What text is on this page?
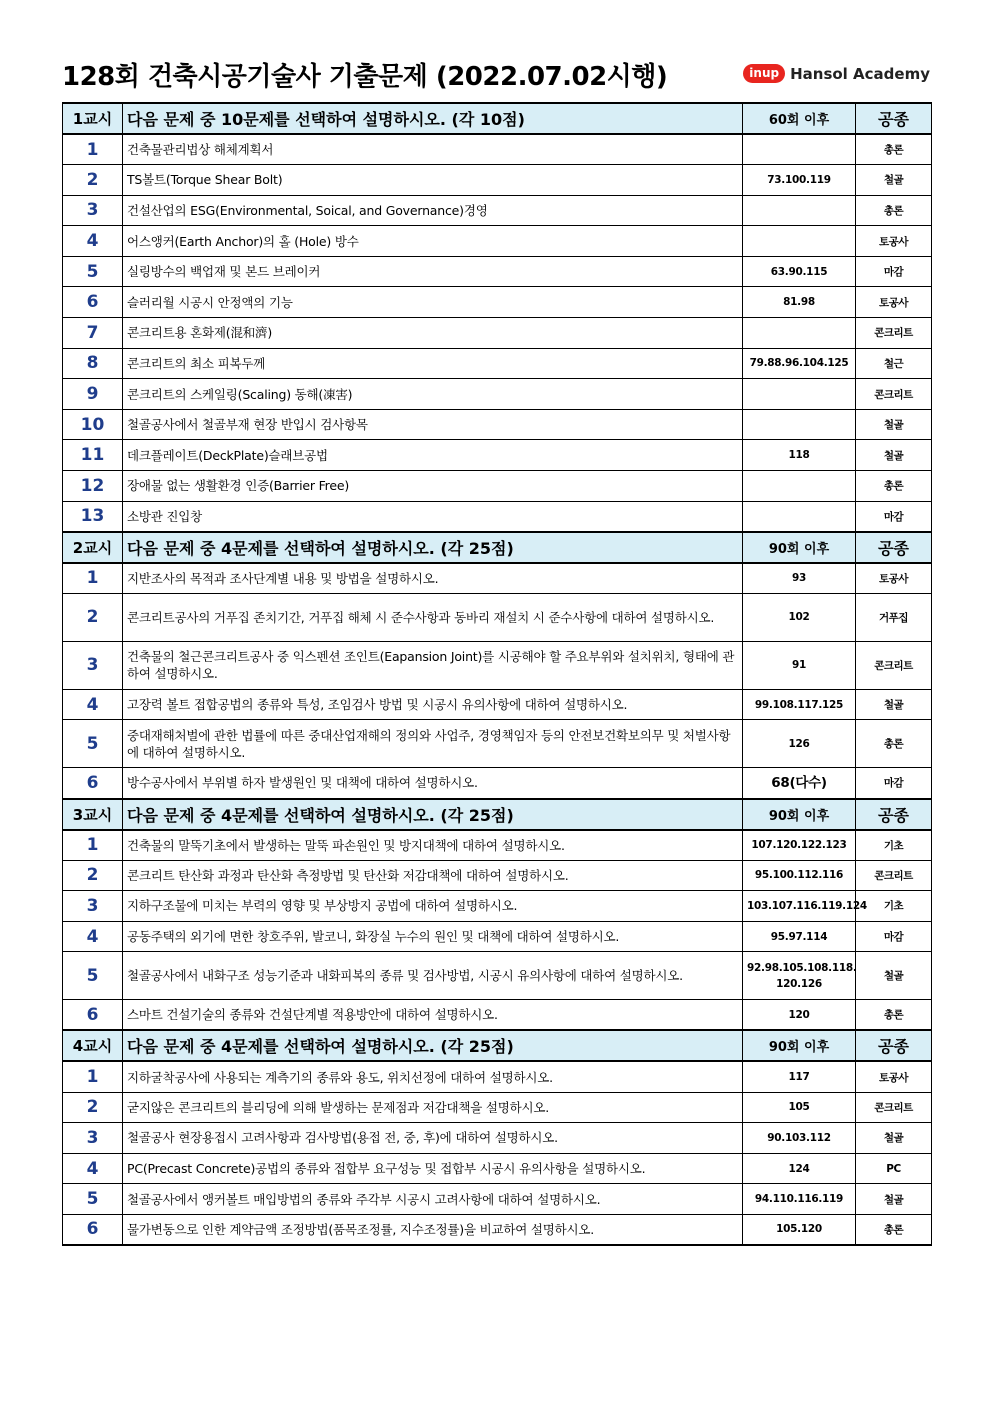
128회 건축시공기술사 기출문제 (2022.07.02시행)	inup Hansol Academy
1교시	다음 문제 중 10문제를 선택하여 설명하시오. (각 10점)	60회 이후	공종
1	건축물관리법상 해체계획서		총론
2	TS볼트(Torque Shear Bolt)	73.100.119	철골
3	건설산업의 ESG(Environmental, Soical, and Governance)경영		총론
4	어스앵커(Earth Anchor)의 홀 (Hole) 방수		토공사
5	실링방수의 백업재 및 본드 브레이커	63.90.115	마감
6	슬러리월 시공시 안정액의 기능	81.98	토공사
7	콘크리트용 혼화제(混和濟)		콘크리트
8	콘크리트의 최소 피복두께	79.88.96.104.125	철근
9	콘크리트의 스케일링(Scaling) 동해(凍害)		콘크리트
10	철골공사에서 철골부재 현장 반입시 검사항목		철골
11	데크플레이트(DeckPlate)슬래브공법	118	철골
12	장애물 없는 생활환경 인증(Barrier Free)		총론
13	소방관 진입창		마감
2교시	다음 문제 중 4문제를 선택하여 설명하시오. (각 25점)	90회 이후	공종
1	지반조사의 목적과 조사단계별 내용 및 방법을 설명하시오.	93	토공사
2	콘크리트공사의 거푸집 존치기간, 거푸집 해체 시 준수사항과 동바리 재설치 시 준수사항에 대하여 설명하시오.	102	거푸집
3	건축물의 철근콘크리트공사 중 익스펜션 조인트(Eapansion Joint)를 시공해야 할 주요부위와 설치위치, 형태에 관하여 설명하시오.	91	콘크리트
4	고장력 볼트 접합공법의 종류와 특성, 조임검사 방법 및 시공시 유의사항에 대하여 설명하시오.	99.108.117.125	철골
5	중대재해처벌에 관한 법률에 따른 중대산업재해의 정의와 사업주, 경영책임자 등의 안전보건확보의무 및 처벌사항에 대하여 설명하시오.	126	총론
6	방수공사에서 부위별 하자 발생원인 및 대책에 대하여 설명하시오.	68(다수)	마감
3교시	다음 문제 중 4문제를 선택하여 설명하시오. (각 25점)	90회 이후	공종
1	건축물의 말뚝기초에서 발생하는 말뚝 파손원인 및 방지대책에 대하여 설명하시오.	107.120.122.123	기초
2	콘크리트 탄산화 과정과 탄산화 측정방법 및 탄산화 저감대책에 대하여 설명하시오.	95.100.112.116	콘크리트
3	지하구조물에 미치는 부력의 영향 및 부상방지 공법에 대하여 설명하시오.	103.107.116.119.124	기초
4	공동주택의 외기에 면한 창호주위, 발코니, 화장실 누수의 원인 및 대책에 대하여 설명하시오.	95.97.114	마감
5	철골공사에서 내화구조 성능기준과 내화피복의 종류 및 검사방법, 시공시 유의사항에 대하여 설명하시오.	92.98.105.108.118.
120.126	철골
6	스마트 건설기술의 종류와 건설단계별 적용방안에 대하여 설명하시오.	120	총론
4교시	다음 문제 중 4문제를 선택하여 설명하시오. (각 25점)	90회 이후	공종
1	지하굴착공사에 사용되는 계측기의 종류와 용도, 위치선정에 대하여 설명하시오.	117	토공사
2	굳지않은 콘크리트의 블리딩에 의해 발생하는 문제점과 저감대책을 설명하시오.	105	콘크리트
3	철골공사 현장용접시 고려사항과 검사방법(용접 전, 중, 후)에 대하여 설명하시오.	90.103.112	철골
4	PC(Precast Concrete)공법의 종류와 접합부 요구성능 및 접합부 시공시 유의사항을 설명하시오.	124	PC
5	철골공사에서 앵커볼트 매입방법의 종류와 주각부 시공시 고려사항에 대하여 설명하시오.	94.110.116.119	철골
6	물가변동으로 인한 계약금액 조정방법(품목조정률, 지수조정률)을 비교하여 설명하시오.	105.120	총론
